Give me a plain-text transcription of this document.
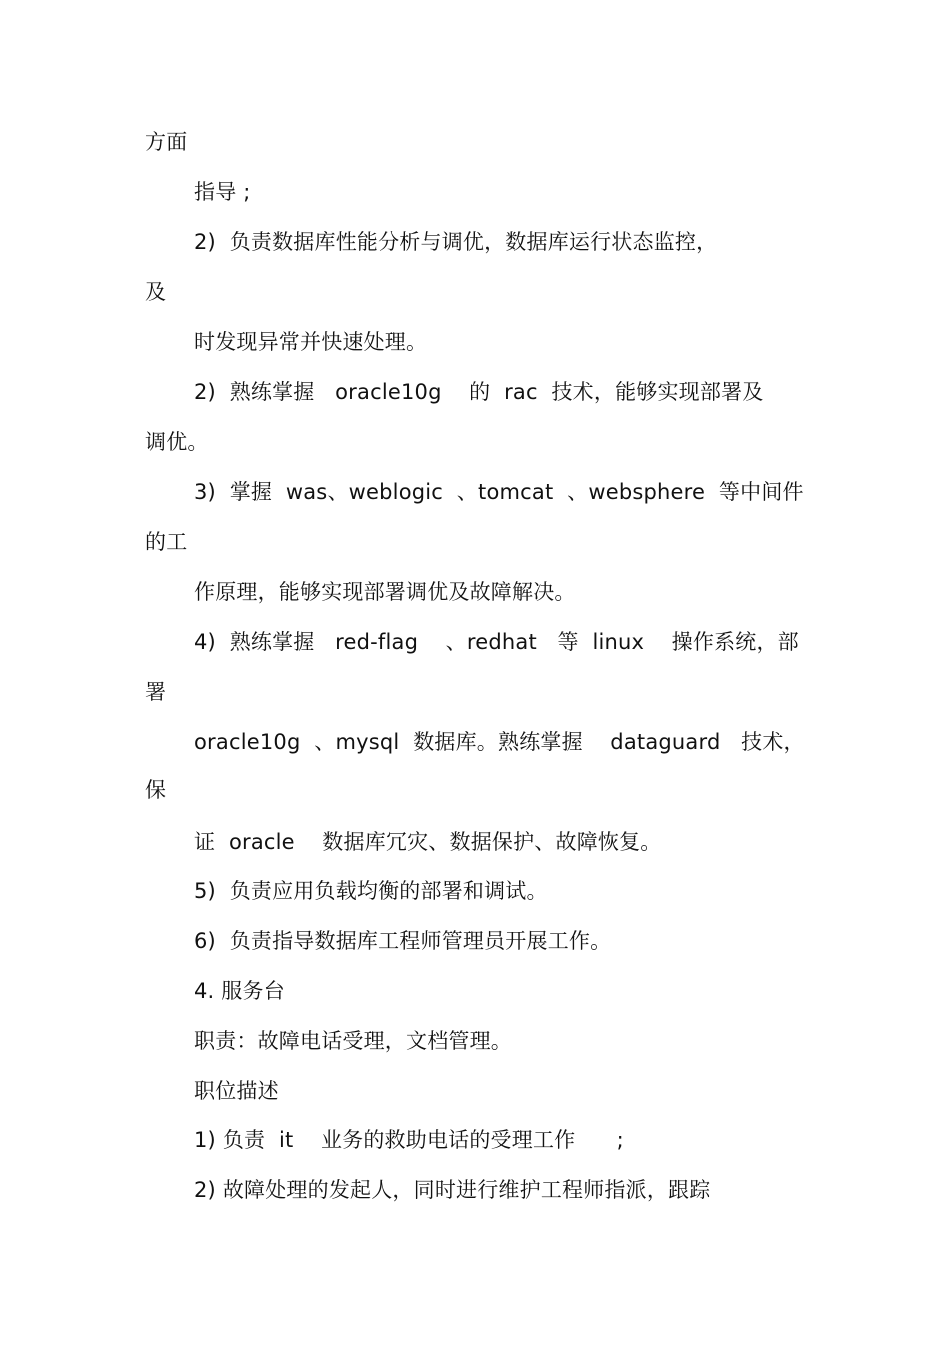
方面
指导 ;
2)  负责数据库性能分析与调优，数据库运行状态监控，
及
时发现异常并快速处理。
2)  熟练掌握   oracle10g    的  rac  技术，能够实现部署及
调优。
3)  掌握  was、weblogic  、tomcat  、websphere  等中间件
的工
作原理，能够实现部署调优及故障解决。
4)  熟练掌握   red-flag    、redhat   等  linux    操作系统，部
署
oracle10g  、mysql  数据库。熟练掌握    dataguard   技术，
保
证  oracle    数据库冗灾、数据保护、故障恢复。
5)  负责应用负载均衡的部署和调试。
6)  负责指导数据库工程师管理员开展工作。
4. 服务台
职责：故障电话受理，文档管理。
职位描述
1) 负责  it    业务的救助电话的受理工作      ;
2) 故障处理的发起人，同时进行维护工程师指派，跟踪
